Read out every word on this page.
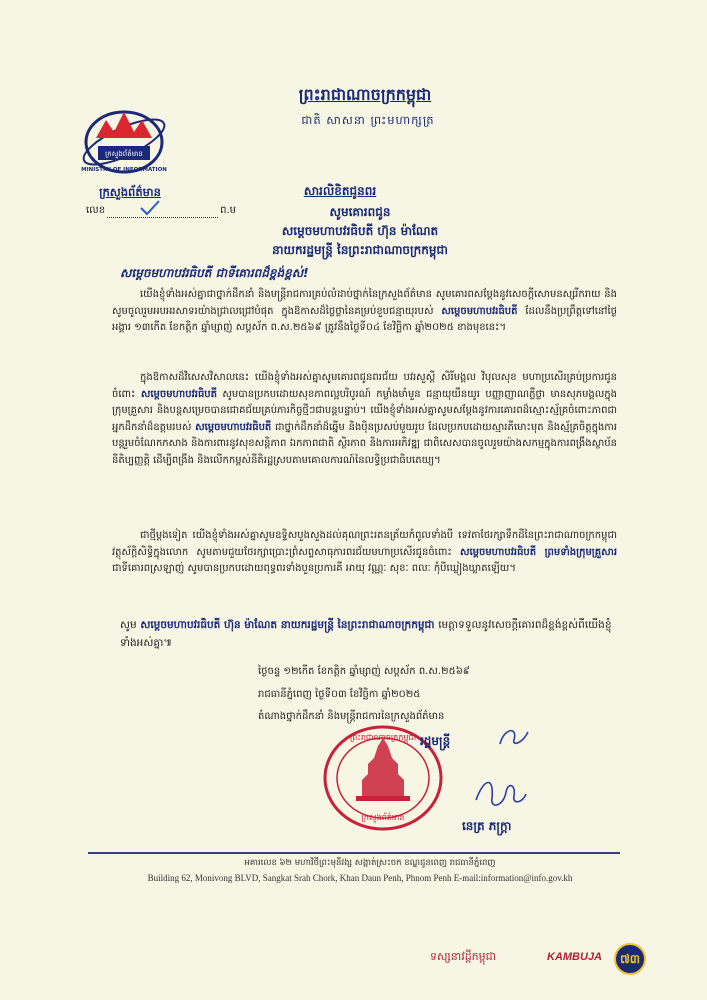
ក្រសួងព័ត៌មាន
MINISTRY OF INFORMATION
ព្រះរាជាណាចក្រកម្ពុជា
ជាតិ សាសនា ព្រះមហាក្សត្រ
ក្រសួងព័ត៌មាន
លេខ	ព.ម
សារលិខិតជូនពរ
សូមគោរពជូន
សម្តេចមហាបវរធិបតី ហ៊ុន ម៉ាណែត
នាយករដ្ឋមន្ត្រី នៃព្រះរាជាណាចក្រកម្ពុជា
សម្តេចមហាបវរធិបតី ជាទីគោរពដ៏ខ្ពង់ខ្ពស់!
យើងខ្ញុំទាំងអស់គ្នាជាថ្នាក់ដឹកនាំ និងមន្ត្រីរាជការគ្រប់លំដាប់ថ្នាក់នៃក្រសួងព័ត៌មាន សូមគោរពសម្តែងនូវសេចក្តីសោមនស្សរីករាយ និងសូមចូលរួមអបអរសាទរយ៉ាងជ្រាលជ្រៅបំផុត ក្នុងឱកាសដ៏ថ្លៃថ្លានៃគម្រប់ខួបជន្មាយុរបស់ សម្តេចមហាបវរធិបតី ដែលនឹងប្រព្រឹត្តទៅនៅថ្ងៃអង្គារ ១៣កើត ខែកត្តិក ឆ្នាំម្សាញ់ សប្តស័ក ព.ស.២៥៦៩ ត្រូវនឹងថ្ងៃទី០៤ ខែវិច្ឆិកា ឆ្នាំ២០២៥ ខាងមុខនេះ។
ក្នុងឱកាសដ៏វិសេសវិសាលនេះ យើងខ្ញុំទាំងអស់គ្នាសូមគោរពជូនពរជ័យ បវរសួស្តី សិរីមង្គល វិបុលសុខ មហាប្រសើរគ្រប់ប្រការជូនចំពោះ សម្តេចមហាបវរធិបតី សូមបានប្រកបដោយសុខភាពល្អបរិបូរណ៍ កម្លាំងមាំមួន ជន្មាយុយឺនយូរ បញ្ញាញាណភ្លឺថ្លា មានសុភមង្គលក្នុងក្រុមគ្រួសារ និងបន្តសម្រេចបានជោគជ័យគ្រប់ភារកិច្ចថ្មីៗជាបន្តបន្ទាប់។ យើងខ្ញុំទាំងអស់គ្នាសូមសម្តែងនូវការគោរពដ៏ស្មោះស្ម័គ្រចំពោះភាពជាអ្នកដឹកនាំដ៏ឧត្តមរបស់ សម្តេចមហាបវរធិបតី ជាថ្នាក់ដឹកនាំដ៏ឆ្នើម និងប៉ិនប្រសប់មួយរូប ដែលប្រកបដោយស្មារតីមោះមុត និងស្ម័គ្រចិត្តក្នុងការបន្តរួមចំណែកកសាង និងការពារនូវសុខសន្តិភាព ឯកភាពជាតិ ស្ថិរភាព និងការអភិវឌ្ឍ ជាពិសេសបានចូលរួមយ៉ាងសកម្មក្នុងការពង្រឹងស្ថាប័ននីតិប្បញ្ញត្តិ ដើម្បីពង្រឹង និងលើកកម្ពស់នីតិរដ្ឋស្របតាមគោលការណ៍នៃលទ្ធិប្រជាធិបតេយ្យ។
ជាថ្មីម្តងទៀត យើងខ្ញុំទាំងអស់គ្នាសូមឧទ្ទិសបួងសួងដល់គុណព្រះរតនត្រ័យកំពូលទាំងបី ទេវតាថែរក្សាទឹកដីនៃព្រះរាជាណាចក្រកម្ពុជា វត្ថុស័ក្តិសិទ្ធិក្នុងលោក សូមតាមជួយថែរក្សាប្រោះព្រំសព្ទសាធុការពរជ័យមហាប្រសើរជូនចំពោះ សម្តេចមហាបវរធិបតី ព្រមទាំងក្រុមគ្រួសារ ជាទីគោរពស្រឡាញ់ សូមបានប្រកបដោយពុទ្ធពរទាំងបួនប្រការគឺ អាយុ វណ្ណៈ សុខៈ ពលៈ កុំបីឃ្លៀងឃ្លាតឡើយ។
សូម សម្តេចមហាបវរធិបតី ហ៊ុន ម៉ាណែត នាយករដ្ឋមន្ត្រី នៃព្រះរាជាណាចក្រកម្ពុជា មេត្តាទទួលនូវសេចក្តីគោរពដ៏ខ្ពង់ខ្ពស់ពីយើងខ្ញុំទាំងអស់គ្នា៕
ថ្ងៃចន្ទ ១២កើត ខែកត្តិក ឆ្នាំម្សាញ់ សប្តស័ក ព.ស.២៥៦៩
រាជធានីភ្នំពេញ ថ្ងៃទី០៣ ខែវិច្ឆិកា ឆ្នាំ២០២៥
តំណាងថ្នាក់ដឹកនាំ និងមន្ត្រីរាជការនៃក្រសួងព័ត៌មាន
ព្រះរាជាណាចក្រកម្ពុជា
ក្រសួងព័ត៌មាន
រដ្ឋមន្ត្រី
នេត្រ ភក្ត្រា
អគារលេខ ៦២ មហាវិថីព្រះមុនីវង្ស សង្កាត់ស្រះចក ខណ្ឌដូនពេញ រាជធានីភ្នំពេញ
Building 62, Monivong BLVD, Sangkat Srah Chork, Khan Daun Penh, Phnom Penh E-mail:information@info.gov.kh
ទស្សនាវដ្តីកម្ពុជា	KAMBUJA	៧៣
